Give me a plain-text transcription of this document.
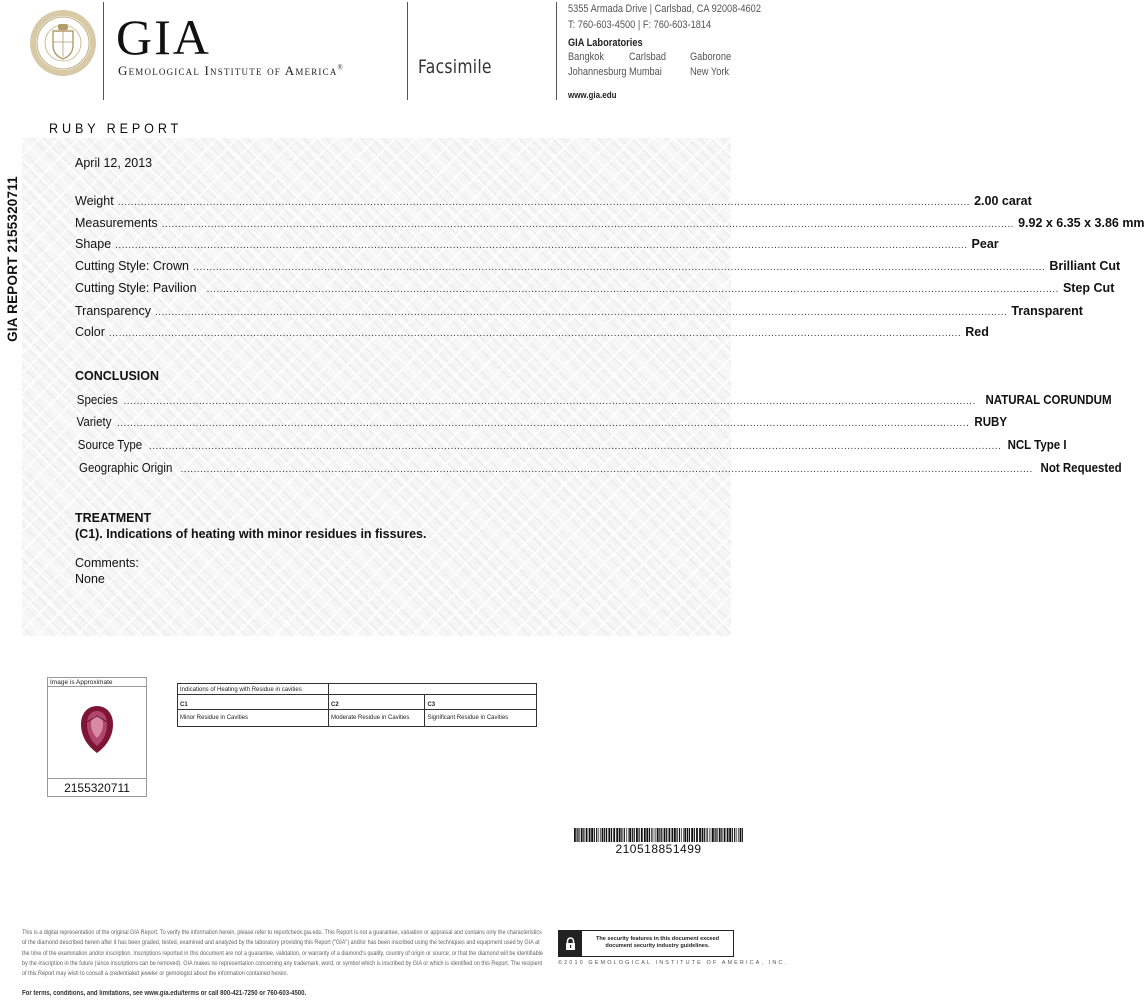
GIA
Gemological Institute of America®	Facsimile
5355 Armada Drive | Carlsbad, CA 92008-4602
T: 760-603-4500 | F: 760-603-1814
GIA Laboratories
Bangkok Carlsbad Gaborone
Johannesburg Mumbai	New York
www.gia.edu
RUBY REPORT
GIA REPORT 2155320711
April 12, 2013
Weight .....	2.00 carat
Measurements .....	9.92 x 6.35 x 3.86 mm
Shape .....	Pear
Cutting Style: Crown .....	Brilliant Cut
Cutting Style: Pavilion .....	Step Cut
Transparency .....	Transparent
Color .....	Red
CONCLUSION
Species .....	NATURAL CORUNDUM
Variety .....	RUBY
Source Type .....	NCL Type I
Geographic Origin .....	Not Requested
TREATMENT
(C1). Indications of heating with minor residues in fissures.
Comments:
None
Image is Approximate
2155320711
Indications of Heating with Residue in cavities		
C1	C2	C3
Minor Residue in Cavities	Moderate Residue in Cavities	Significant Residue in Cavities
210518851499
This is a digital representation of the original GIA Report. To verify the information herein, please refer to reportcheck.gia.edu. This Report is not a guarantee, valuation or appraisal and contains only the characteristics of the diamond described herein after it has been graded, tested, examined and analyzed by the laboratory providing this Report ("GIA") and/or has been inscribed using the techniques and equipment used by GIA at the time of the examination and/or inscription. Inscriptions reported in this document are not a guarantee, validation, or warranty of a diamond's quality, country of origin or source; or that the diamond will be identifiable by the inscription in the future (since inscriptions can be removed). GIA makes no representation concerning any trademark, word, or symbol which is inscribed by GIA or which is identified on this Report. The recipient of this Report may wish to consult a credentialed jeweler or gemologist about the information contained herein.
For terms, conditions, and limitations, see www.gia.edu/terms or call 800-421-7250 or 760-603-4500.
The security features in this document exceed document security industry guidelines.
©2010 GEMOLOGICAL INSTITUTE OF AMERICA, INC.
